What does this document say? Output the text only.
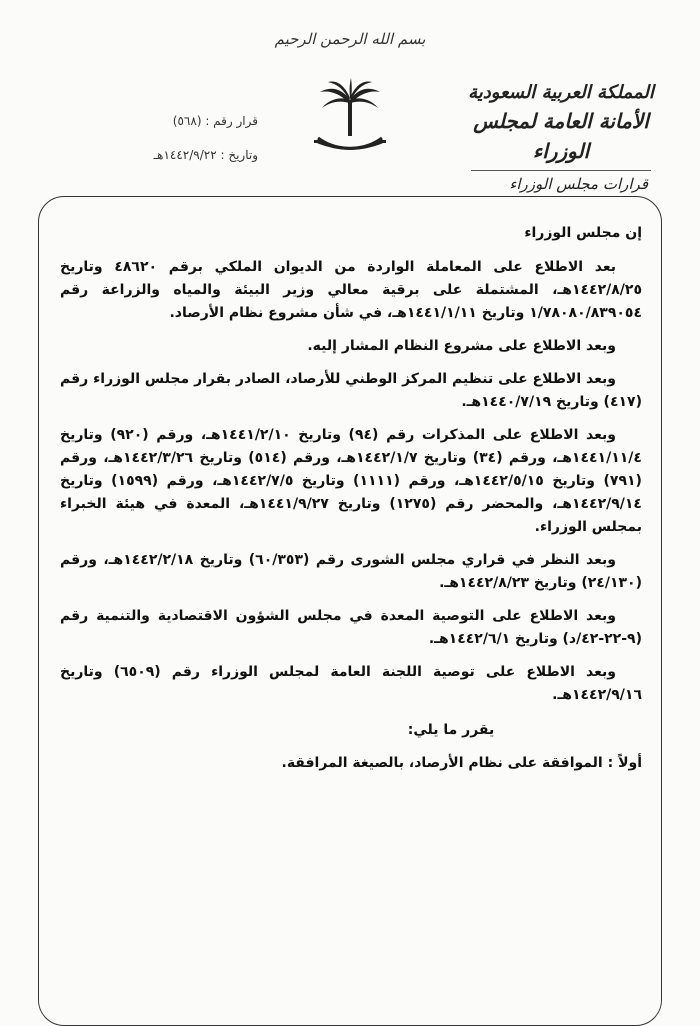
بسم الله الرحمن الرحيم
المملكة العربية السعودية
الأمانة العامة لمجلس الوزراء
قرارات مجلس الوزراء
قرار رقم : (٥٦٨)
وتاريخ : ١٤٤٢/٩/٢٢هـ

إن مجلس الوزراء

بعد الاطلاع على المعاملة الواردة من الديوان الملكي برقم ٤٨٦٢٠ وتاريخ ١٤٤٢/٨/٢٥هـ، المشتملة على برقية معالي وزير البيئة والمياه والزراعة رقم ١/٧٨٠٨٠/٨٣٩٠٥٤ وتاريخ ١٤٤١/١/١١هـ، في شأن مشروع نظام الأرصاد.

وبعد الاطلاع على مشروع النظام المشار إليه.

وبعد الاطلاع على تنظيم المركز الوطني للأرصاد، الصادر بقرار مجلس الوزراء رقم (٤١٧) وتاريخ ١٤٤٠/٧/١٩هـ.

وبعد الاطلاع على المذكرات رقم (٩٤) وتاريخ ١٤٤١/٢/١٠هـ، ورقم (٩٢٠) وتاريخ ١٤٤١/١١/٤هـ، ورقم (٣٤) وتاريخ ١٤٤٢/١/٧هـ، ورقم (٥١٤) وتاريخ ١٤٤٢/٣/٢٦هـ، ورقم (٧٩١) وتاريخ ١٤٤٢/٥/١٥هـ، ورقم (١١١١) وتاريخ ١٤٤٢/٧/٥هـ، ورقم (١٥٩٩) وتاريخ ١٤٤٢/٩/١٤هـ، والمحضر رقم (١٢٧٥) وتاريخ ١٤٤١/٩/٢٧هـ، المعدة في هيئة الخبراء بمجلس الوزراء.

وبعد النظر في قراري مجلس الشورى رقم (٦٠/٣٥٣) وتاريخ ١٤٤٢/٢/١٨هـ، ورقم (٢٤/١٣٠) وتاريخ ١٤٤٢/٨/٢٣هـ.

وبعد الاطلاع على التوصية المعدة في مجلس الشؤون الاقتصادية والتنمية رقم (٩-٢٢-٤٢/د) وتاريخ ١٤٤٢/٦/١هـ.

وبعد الاطلاع على توصية اللجنة العامة لمجلس الوزراء رقم (٦٥٠٩) وتاريخ ١٤٤٢/٩/١٦هـ.

يقرر ما يلي:

أولاً : الموافقة على نظام الأرصاد، بالصيغة المرافقة.
